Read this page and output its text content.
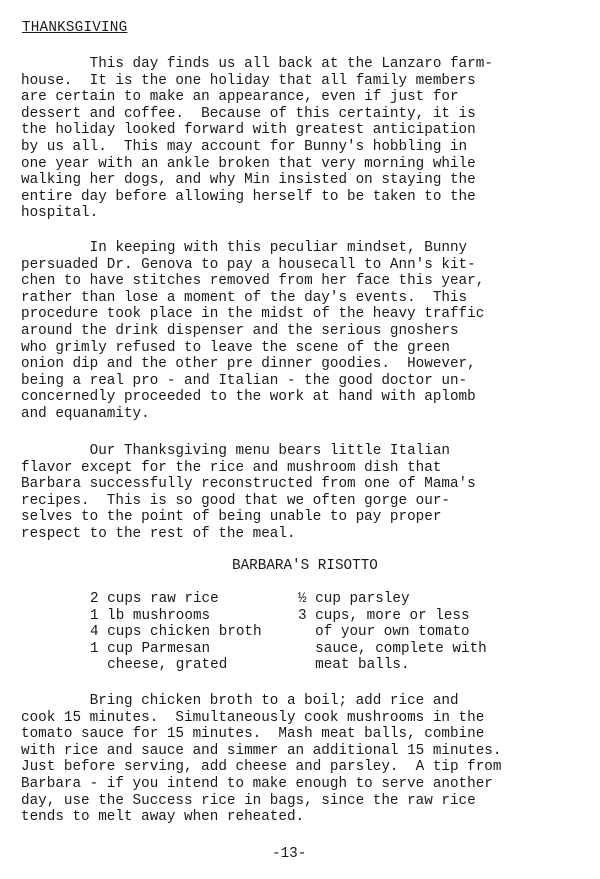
THANKSGIVING
This day finds us all back at the Lanzaro farm-
house.  It is the one holiday that all family members
are certain to make an appearance, even if just for
dessert and coffee.  Because of this certainty, it is
the holiday looked forward with greatest anticipation
by us all.  This may account for Bunny's hobbling in
one year with an ankle broken that very morning while
walking her dogs, and why Min insisted on staying the
entire day before allowing herself to be taken to the
hospital.
In keeping with this peculiar mindset, Bunny
persuaded Dr. Genova to pay a housecall to Ann's kit-
chen to have stitches removed from her face this year,
rather than lose a moment of the day's events.  This
procedure took place in the midst of the heavy traffic
around the drink dispenser and the serious gnoshers
who grimly refused to leave the scene of the green
onion dip and the other pre dinner goodies.  However,
being a real pro - and Italian - the good doctor un-
concernedly proceeded to the work at hand with aplomb
and equanamity.
Our Thanksgiving menu bears little Italian
flavor except for the rice and mushroom dish that
Barbara successfully reconstructed from one of Mama's
recipes.  This is so good that we often gorge our-
selves to the point of being unable to pay proper
respect to the rest of the meal.
BARBARA'S RISOTTO
2 cups raw rice
1 lb mushrooms
4 cups chicken broth
1 cup Parmesan
cheese, grated
½ cup parsley
3 cups, more or less
of your own tomato
sauce, complete with
meat balls.
Bring chicken broth to a boil; add rice and
cook 15 minutes.  Simultaneously cook mushrooms in the
tomato sauce for 15 minutes.  Mash meat balls, combine
with rice and sauce and simmer an additional 15 minutes.
Just before serving, add cheese and parsley.  A tip from
Barbara - if you intend to make enough to serve another
day, use the Success rice in bags, since the raw rice
tends to melt away when reheated.
-13-
